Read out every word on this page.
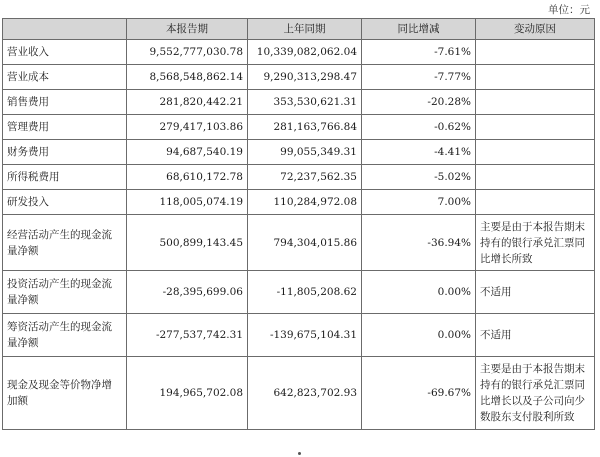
单位：元
	本报告期	上年同期	同比增减	变动原因
营业收入	9,552,777,030.78	10,339,082,062.04	-7.61%	
营业成本	8,568,548,862.14	9,290,313,298.47	-7.77%	
销售费用	281,820,442.21	353,530,621.31	-20.28%	
管理费用	279,417,103.86	281,163,766.84	-0.62%	
财务费用	94,687,540.19	99,055,349.31	-4.41%	
所得税费用	68,610,172.78	72,237,562.35	-5.02%	
研发投入	118,005,074.19	110,284,972.08	7.00%	
经营活动产生的现金流量净额	500,899,143.45	794,304,015.86	-36.94%	主要是由于本报告期末持有的银行承兑汇票同比增长所致
投资活动产生的现金流量净额	-28,395,699.06	-11,805,208.62	0.00%	不适用
筹资活动产生的现金流量净额	-277,537,742.31	-139,675,104.31	0.00%	不适用
现金及现金等价物净增加额	194,965,702.08	642,823,702.93	-69.67%	主要是由于本报告期末持有的银行承兑汇票同比增长以及子公司向少数股东支付股利所致
